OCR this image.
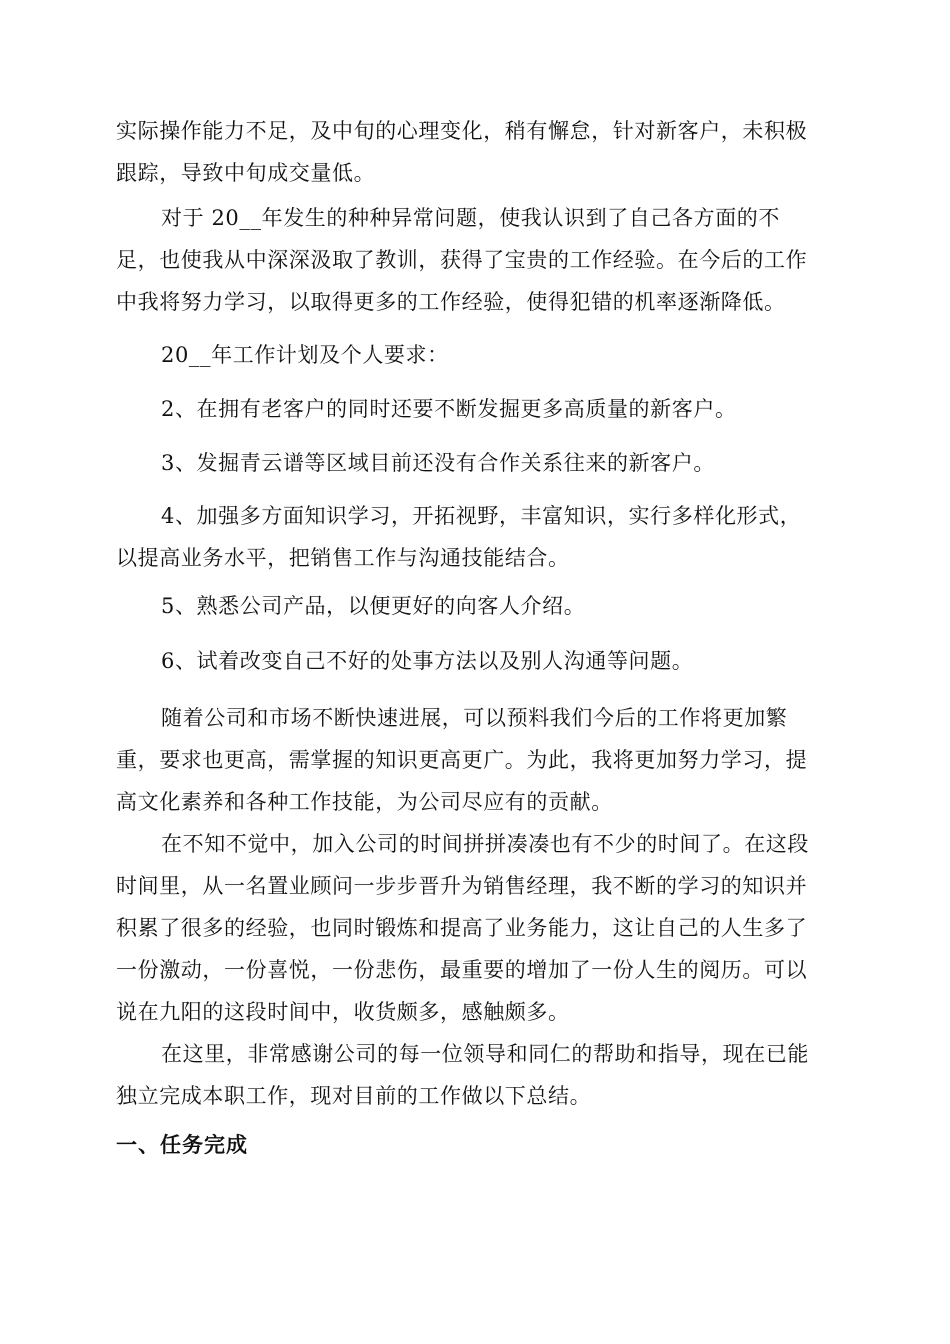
实际操作能力不足，及中旬的心理变化，稍有懈怠，针对新客户，未积极
跟踪，导致中旬成交量低。
对于 20__年发生的种种异常问题，使我认识到了自己各方面的不
足，也使我从中深深汲取了教训，获得了宝贵的工作经验。在今后的工作
中我将努力学习，以取得更多的工作经验，使得犯错的机率逐渐降低。
20__年工作计划及个人要求：
2、在拥有老客户的同时还要不断发掘更多高质量的新客户。
3、发掘青云谱等区域目前还没有合作关系往来的新客户。
4、加强多方面知识学习，开拓视野，丰富知识，实行多样化形式，
以提高业务水平，把销售工作与沟通技能结合。
5、熟悉公司产品，以便更好的向客人介绍。
6、试着改变自己不好的处事方法以及别人沟通等问题。
随着公司和市场不断快速进展，可以预料我们今后的工作将更加繁
重，要求也更高，需掌握的知识更高更广。为此，我将更加努力学习，提
高文化素养和各种工作技能，为公司尽应有的贡献。
在不知不觉中，加入公司的时间拼拼凑凑也有不少的时间了。在这段
时间里，从一名置业顾问一步步晋升为销售经理，我不断的学习的知识并
积累了很多的经验，也同时锻炼和提高了业务能力，这让自己的人生多了
一份激动，一份喜悦，一份悲伤，最重要的增加了一份人生的阅历。可以
说在九阳的这段时间中，收货颇多，感触颇多。
在这里，非常感谢公司的每一位领导和同仁的帮助和指导，现在已能
独立完成本职工作，现对目前的工作做以下总结。
一、任务完成
